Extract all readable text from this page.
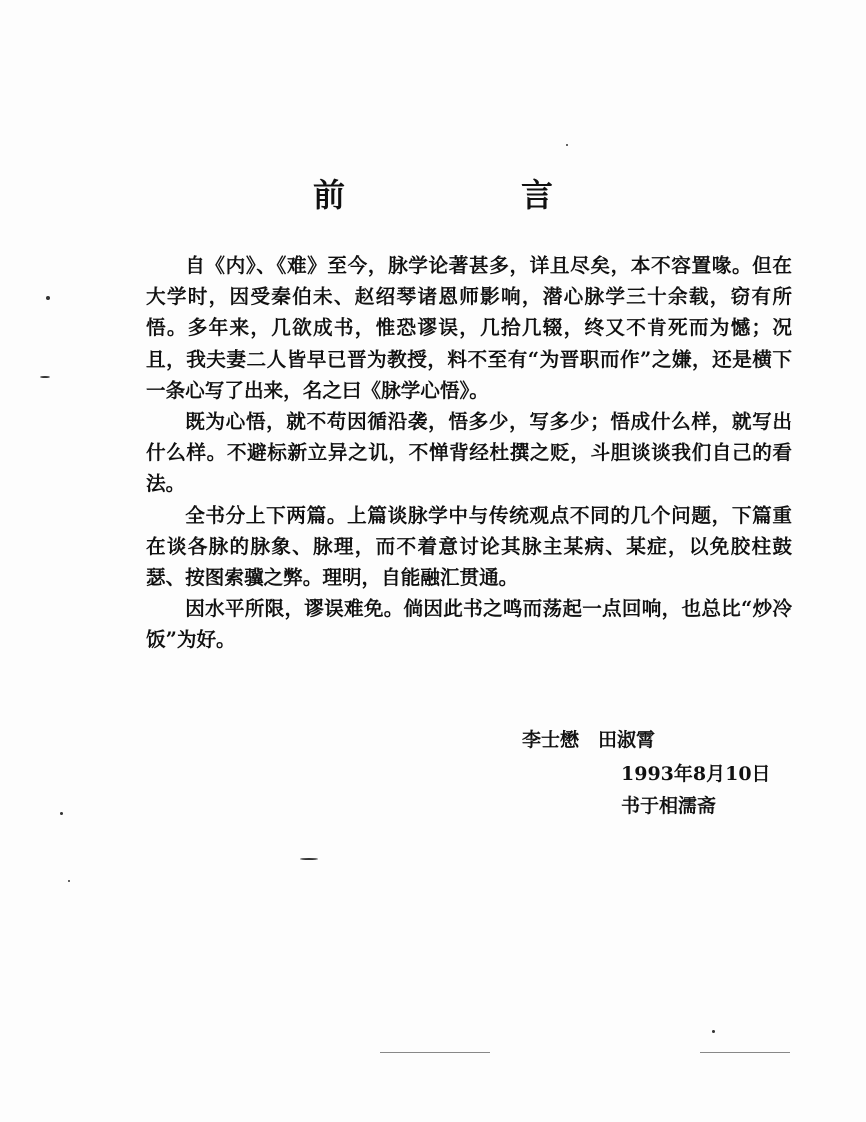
前　言

自《内》、《难》至今，脉学论著甚多，详且尽矣，本不容置喙。但在大学时，因受秦伯未、赵绍琴诸恩师影响，潜心脉学三十余载，窃有所悟。多年来，几欲成书，惟恐谬误，几拾几辍，终又不肯死而为憾；况且，我夫妻二人皆早已晋为教授，料不至有“为晋职而作”之嫌，还是横下一条心写了出来，名之曰《脉学心悟》。

既为心悟，就不苟因循沿袭，悟多少，写多少；悟成什么样，就写出什么样。不避标新立异之讥，不惮背经杜撰之贬，斗胆谈谈我们自己的看法。

全书分上下两篇。上篇谈脉学中与传统观点不同的几个问题，下篇重在谈各脉的脉象、脉理，而不着意讨论其脉主某病、某症，以免胶柱鼓瑟、按图索骥之弊。理明，自能融汇贯通。

因水平所限，谬误难免。倘因此书之鸣而荡起一点回响，也总比“炒冷饭”为好。

李士懋　田淑霄
1993年8月10日
书于相濡斋
